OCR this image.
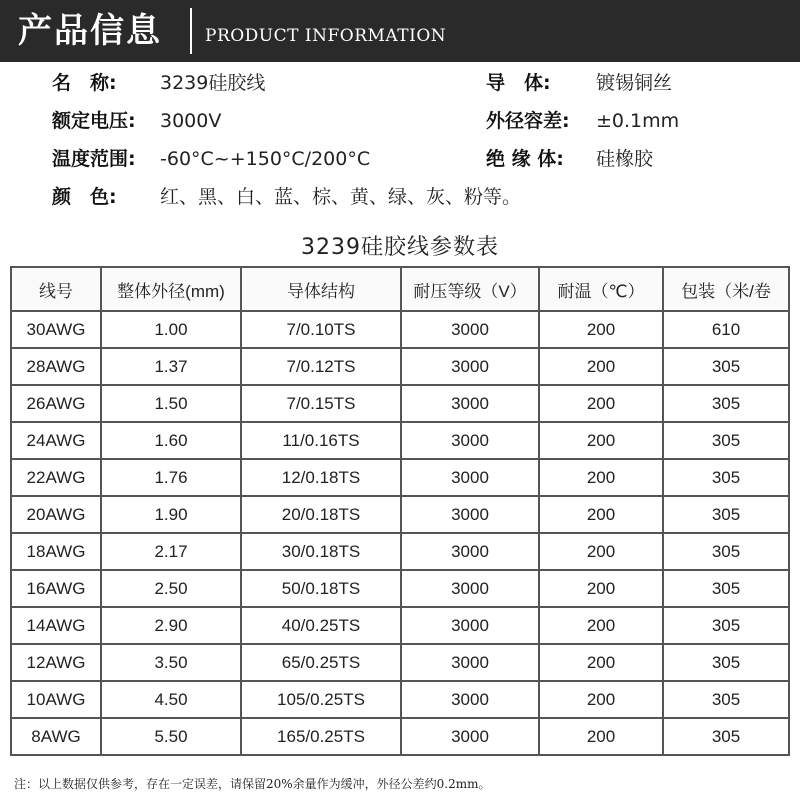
产品信息	PRODUCT INFORMATION
名　称: 3239硅胶线	导　体: 镀锡铜丝
额定电压: 3000V	外径容差: ±0.1mm
温度范围: -60°C~+150°C/200°C	绝 缘 体: 硅橡胶
颜　色: 红、黑、白、蓝、棕、黄、绿、灰、粉等。
3239硅胶线参数表
线号	整体外径(mm)	导体结构	耐压等级（V）	耐温（℃）	包装（米/卷
30AWG	1.00	7/0.10TS	3000	200	610
28AWG	1.37	7/0.12TS	3000	200	305
26AWG	1.50	7/0.15TS	3000	200	305
24AWG	1.60	11/0.16TS	3000	200	305
22AWG	1.76	12/0.18TS	3000	200	305
20AWG	1.90	20/0.18TS	3000	200	305
18AWG	2.17	30/0.18TS	3000	200	305
16AWG	2.50	50/0.18TS	3000	200	305
14AWG	2.90	40/0.25TS	3000	200	305
12AWG	3.50	65/0.25TS	3000	200	305
10AWG	4.50	105/0.25TS	3000	200	305
8AWG	5.50	165/0.25TS	3000	200	305
注：以上数据仅供参考，存在一定误差，请保留20%余量作为缓冲，外径公差约0.2mm。
